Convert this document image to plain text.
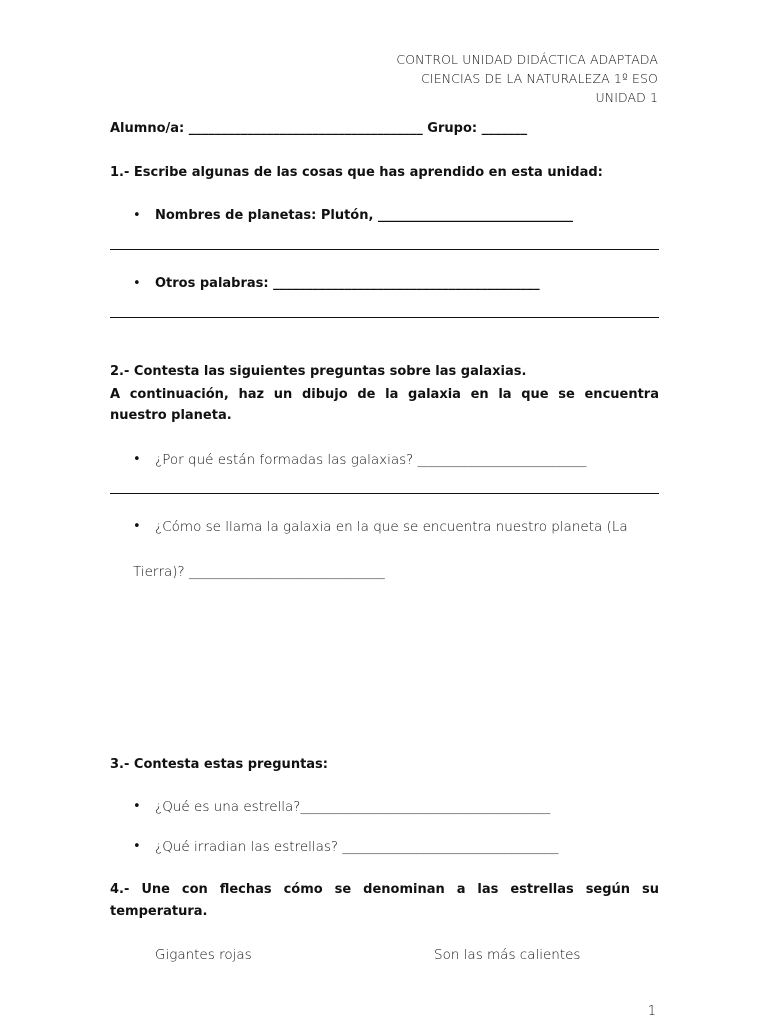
CONTROL UNIDAD DIDÁCTICA ADAPTADA
CIENCIAS DE LA NATURALEZA 1º ESO
UNIDAD 1
Alumno/a: ____________________________________ Grupo: _______
1.- Escribe algunas de las cosas que has aprendido en esta unidad:
• Nombres de planetas: Plutón, ______________________________
• Otros palabras: _________________________________________
2.- Contesta las siguientes preguntas sobre las galaxias.
A continuación, haz un dibujo de la galaxia en la que se encuentra
nuestro planeta.
• ¿Por qué están formadas las galaxias? _________________________
• ¿Cómo se llama la galaxia en la que se encuentra nuestro planeta (La
Tierra)? _____________________________
3.- Contesta estas preguntas:
• ¿Qué es una estrella?_____________________________________
• ¿Qué irradian las estrellas? ________________________________
4.- Une con flechas cómo se denominan a las estrellas según su
temperatura.
Gigantes rojas	Son las más calientes
1
